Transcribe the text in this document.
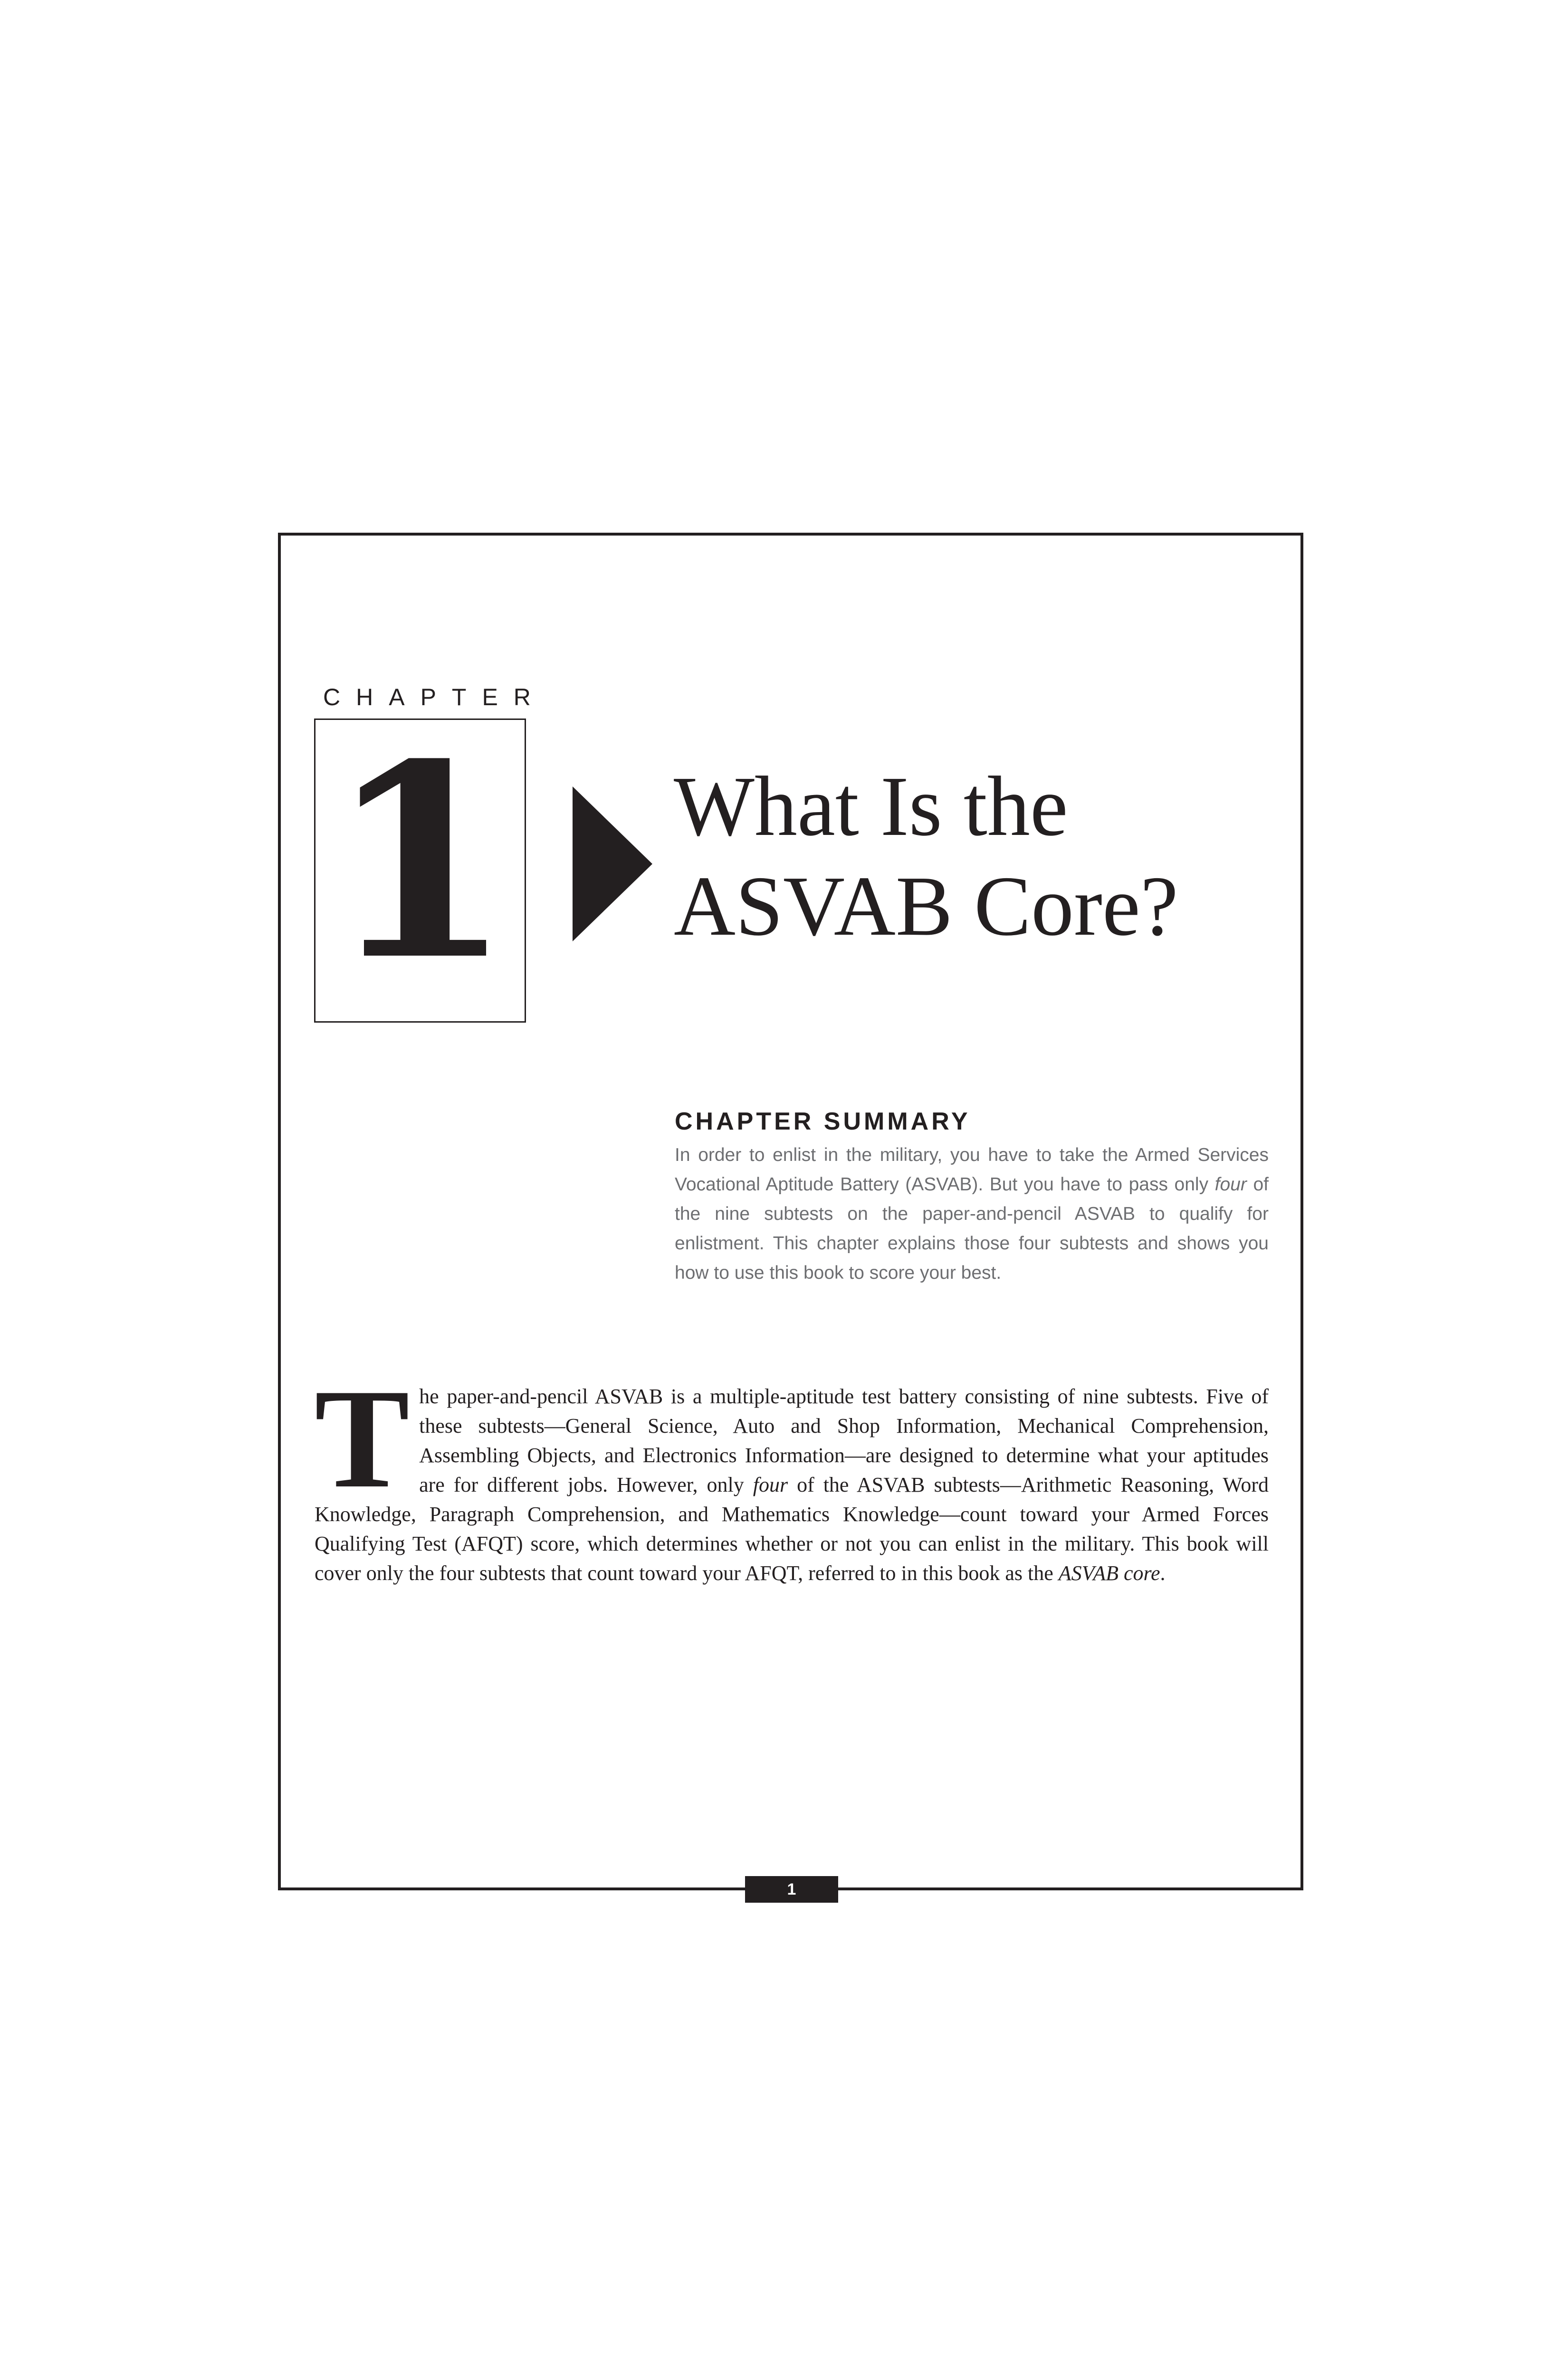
CHAPTER
1 What Is the
ASVAB Core?
CHAPTER SUMMARY
In order to enlist in the military, you have to take the Armed Services Vocational Aptitude Battery (ASVAB). But you have to pass only four of the nine subtests on the paper-and-pencil ASVAB to qualify for enlistment. This chapter explains those four subtests and shows you how to use this book to score your best.
The paper-and-pencil ASVAB is a multiple-aptitude test battery consisting of nine subtests. Five of these subtests—General Science, Auto and Shop Information, Mechanical Comprehension, Assembling Objects, and Electronics Information—are designed to determine what your aptitudes are for different jobs. However, only four of the ASVAB subtests—Arithmetic Reasoning, Word Knowledge, Paragraph Comprehension, and Mathematics Knowledge—count toward your Armed Forces Qualifying Test (AFQT) score, which determines whether or not you can enlist in the military. This book will cover only the four subtests that count toward your AFQT, referred to in this book as the ASVAB core.
1
